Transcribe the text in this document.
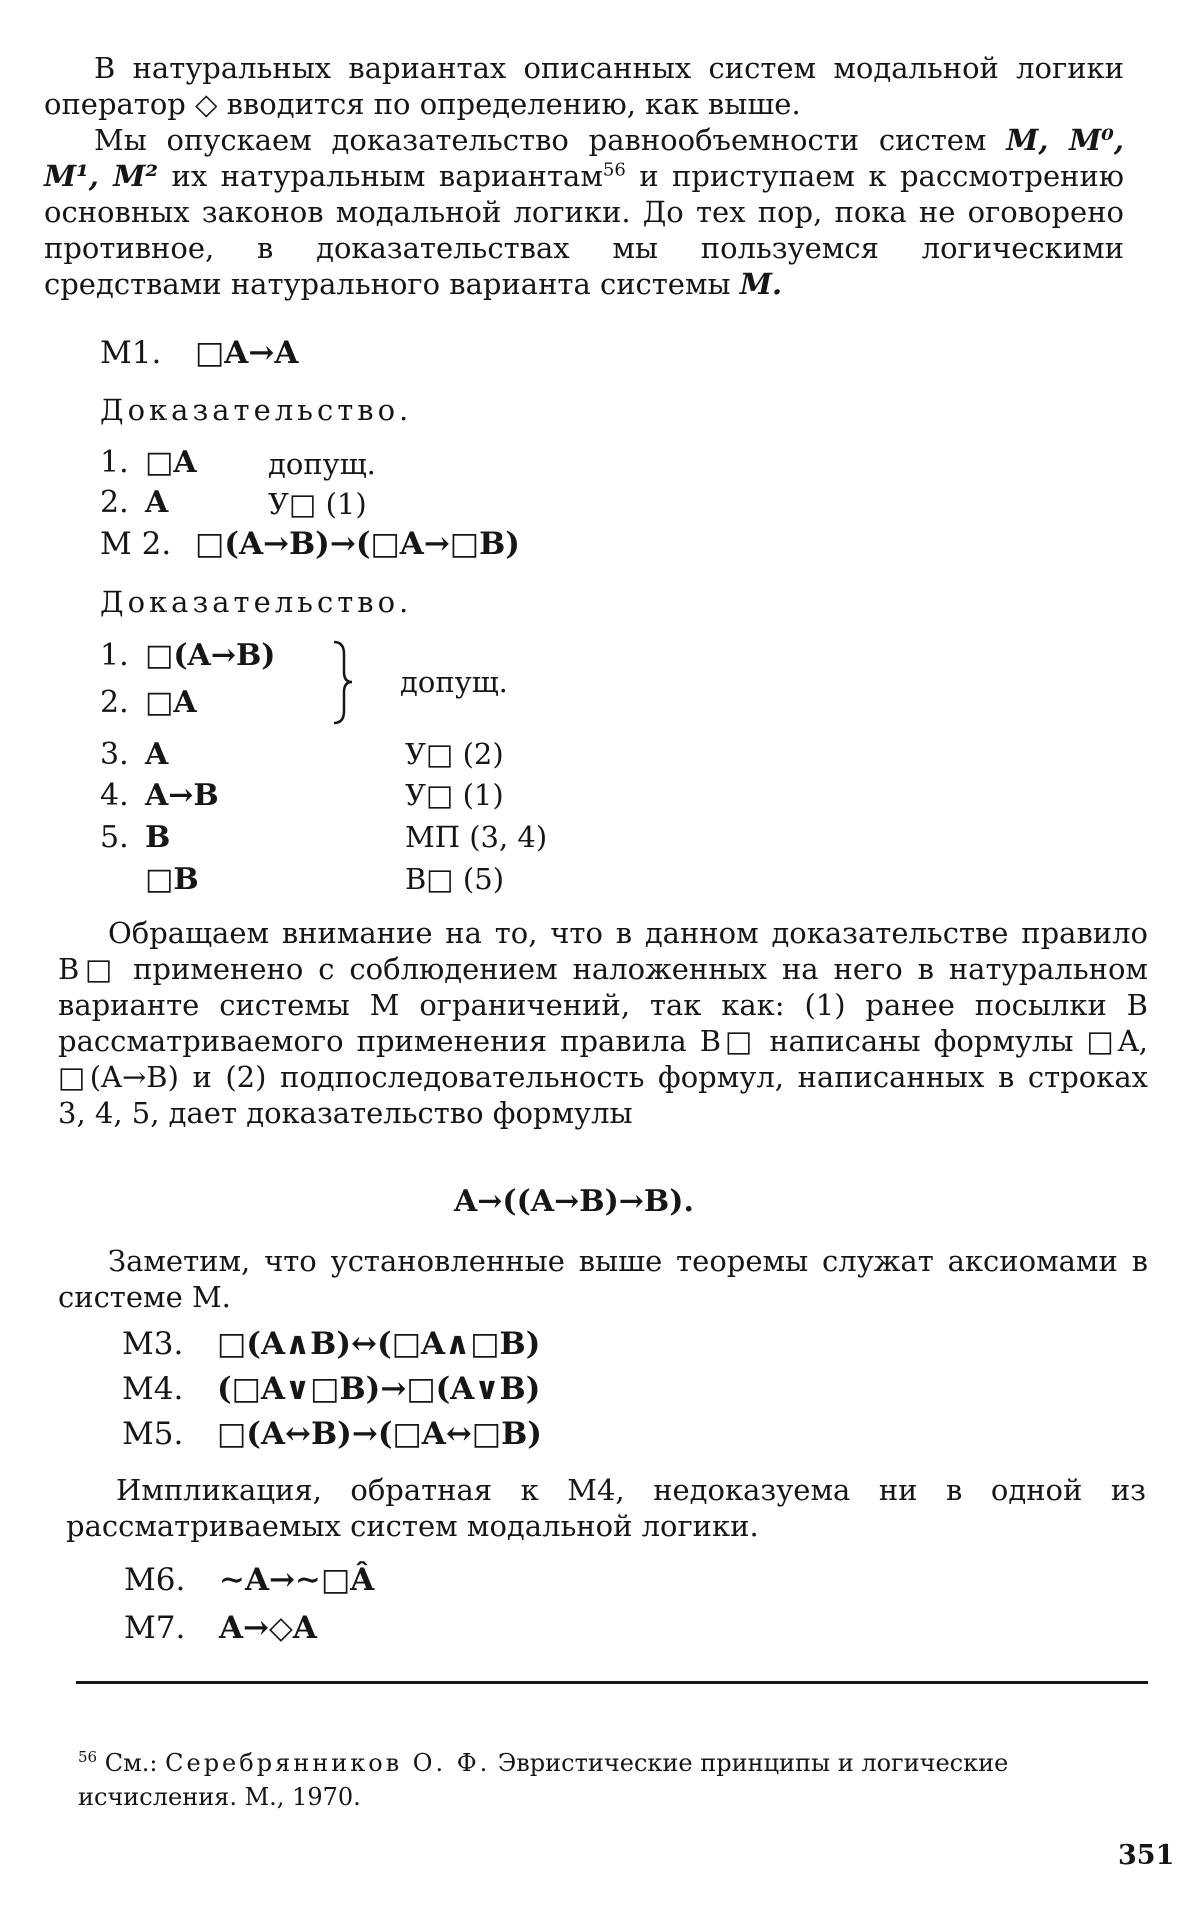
В натуральных вариантах описанных систем модальной логики оператор ◇ вводится по определению, как выше.

Мы опускаем доказательство равнообъемности систем M, M⁰, M¹, M² их натуральным вариантам$^{56}$ и приступаем к рассмотрению основных законов модальной логики. До тех пор, пока не оговорено противное, в доказательствах мы пользуемся логическими средствами натурального варианта системы M.

M1. □A→A
Доказательство.
1. □A допущ.
2. A	У□ (1)
M 2. □(A→B)→(□A→□B)
Доказательство.
1. □(A→B)
2. □A
допущ.
3. A	У□ (2)
4. A→B	У□ (1)
5. B	МП (3, 4)
□B	В□ (5)

Обращаем внимание на то, что в данном доказательстве правило В□ применено с соблюдением наложенных на него в натуральном варианте системы M ограничений, так как: (1) ранее посылки B рассматриваемого применения правила В□ написаны формулы □A, □(A→B) и (2) подпоследовательность формул, написанных в строках 3, 4, 5, дает доказательство формулы

A→((A→B)→B).

Заметим, что установленные выше теоремы служат аксиомами в системе M.

M3. □(A∧B)↔(□A∧□B)
M4. (□A∨□B)→□(A∨B)
M5. □(A↔B)→(□A↔□B)

Импликация, обратная к M4, недоказуема ни в одной из рассматриваемых систем модальной логики.

M6. ∼A→∼□Â
M7. A→◇A
$^{56}$ См.: Серебрянников О. Ф. Эвристические принципы и логические исчисления. М., 1970.
351
